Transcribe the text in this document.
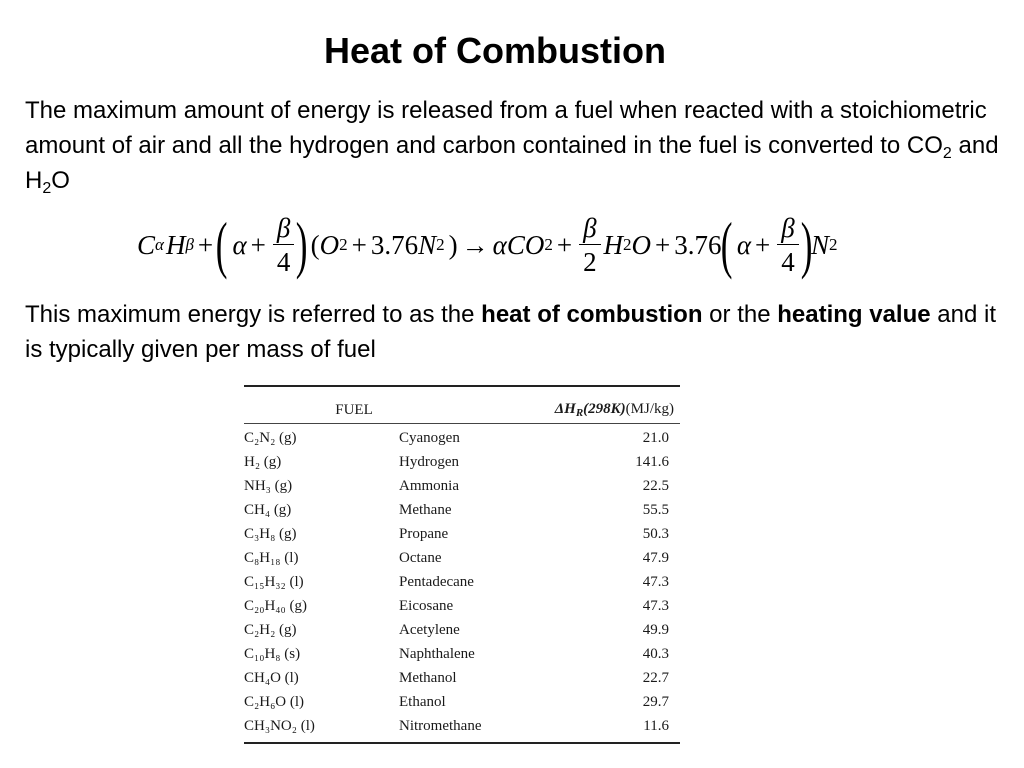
Heat of Combustion

The maximum amount of energy is released from a fuel when reacted with a stoichiometric amount of air and all the hydrogen and carbon contained in the fuel is converted to $CO_2$ and $H_2O$

C α H β + ( $\alpha + \frac{\beta}{4}$ ) ( O 2 + 3.76 N 2 ) → α CO $2 + \frac{\beta}{2}$ H 2 O + 3.76
( $\alpha + \frac{\beta}{4}$ )
N 2

This maximum energy is referred to as the heat of combustion or the heating value and it is typically given per mass of fuel

FUEL	$\Delta H_R(298K)(MJ/kg)$
C₂N₂ (g)	Cyanogen	21.0
H₂ (g)	Hydrogen	141.6
NH₃ (g)	Ammonia	22.5
CH₄ (g)	Methane	55.5
C₃H₈ (g)	Propane	50.3
C₈H₁₈ (l)	Octane	47.9
C₁₅H₃₂ (l)	Pentadecane	47.3
C₂₀H₄₀ (g)	Eicosane	47.3
C₂H₂ (g)	Acetylene	49.9
C₁₀H₈ (s)	Naphthalene	40.3
CH₄O (l)	Methanol	22.7
C₂H₆O (l)	Ethanol	29.7
CH₃NO₂ (l)	Nitromethane	11.6
